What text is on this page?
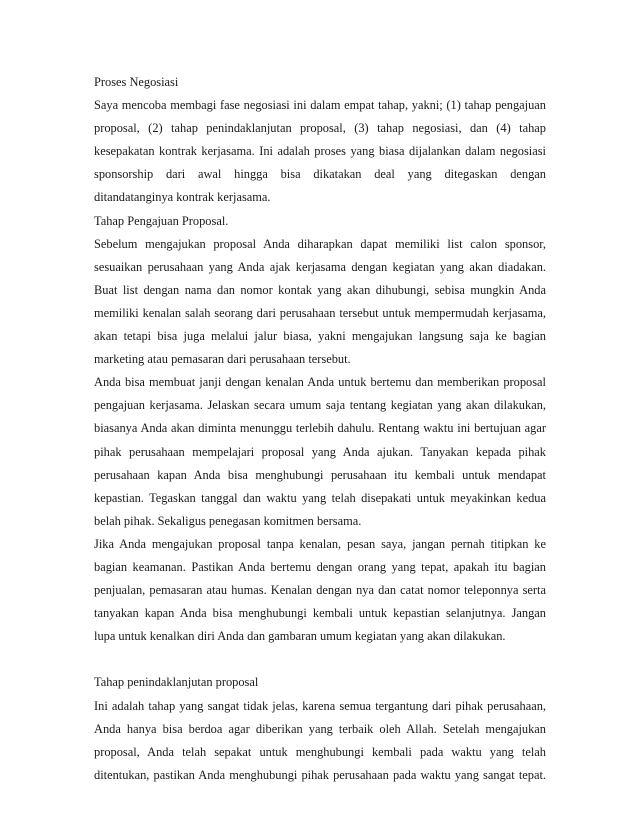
Proses Negosiasi
Saya mencoba membagi fase negosiasi ini dalam empat tahap, yakni; (1) tahap pengajuan
proposal, (2) tahap penindaklanjutan proposal, (3) tahap negosiasi, dan (4) tahap
kesepakatan kontrak kerjasama. Ini adalah proses yang biasa dijalankan dalam negosiasi
sponsorship dari awal hingga bisa dikatakan deal yang ditegaskan dengan
ditandatanginya kontrak kerjasama.
Tahap Pengajuan Proposal.
Sebelum mengajukan proposal Anda diharapkan dapat memiliki list calon sponsor,
sesuaikan perusahaan yang Anda ajak kerjasama dengan kegiatan yang akan diadakan.
Buat list dengan nama dan nomor kontak yang akan dihubungi, sebisa mungkin Anda
memiliki kenalan salah seorang dari perusahaan tersebut untuk mempermudah kerjasama,
akan tetapi bisa juga melalui jalur biasa, yakni mengajukan langsung saja ke bagian
marketing atau pemasaran dari perusahaan tersebut.
Anda bisa membuat janji dengan kenalan Anda untuk bertemu dan memberikan proposal
pengajuan kerjasama. Jelaskan secara umum saja tentang kegiatan yang akan dilakukan,
biasanya Anda akan diminta menunggu terlebih dahulu. Rentang waktu ini bertujuan agar
pihak perusahaan mempelajari proposal yang Anda ajukan. Tanyakan kepada pihak
perusahaan kapan Anda bisa menghubungi perusahaan itu kembali untuk mendapat
kepastian. Tegaskan tanggal dan waktu yang telah disepakati untuk meyakinkan kedua
belah pihak. Sekaligus penegasan komitmen bersama.
Jika Anda mengajukan proposal tanpa kenalan, pesan saya, jangan pernah titipkan ke
bagian keamanan. Pastikan Anda bertemu dengan orang yang tepat, apakah itu bagian
penjualan, pemasaran atau humas. Kenalan dengan nya dan catat nomor teleponnya serta
tanyakan kapan Anda bisa menghubungi kembali untuk kepastian selanjutnya. Jangan
lupa untuk kenalkan diri Anda dan gambaran umum kegiatan yang akan dilakukan.
Tahap penindaklanjutan proposal
Ini adalah tahap yang sangat tidak jelas, karena semua tergantung dari pihak perusahaan,
Anda hanya bisa berdoa agar diberikan yang terbaik oleh Allah. Setelah mengajukan
proposal, Anda telah sepakat untuk menghubungi kembali pada waktu yang telah
ditentukan, pastikan Anda menghubungi pihak perusahaan pada waktu yang sangat tepat.
